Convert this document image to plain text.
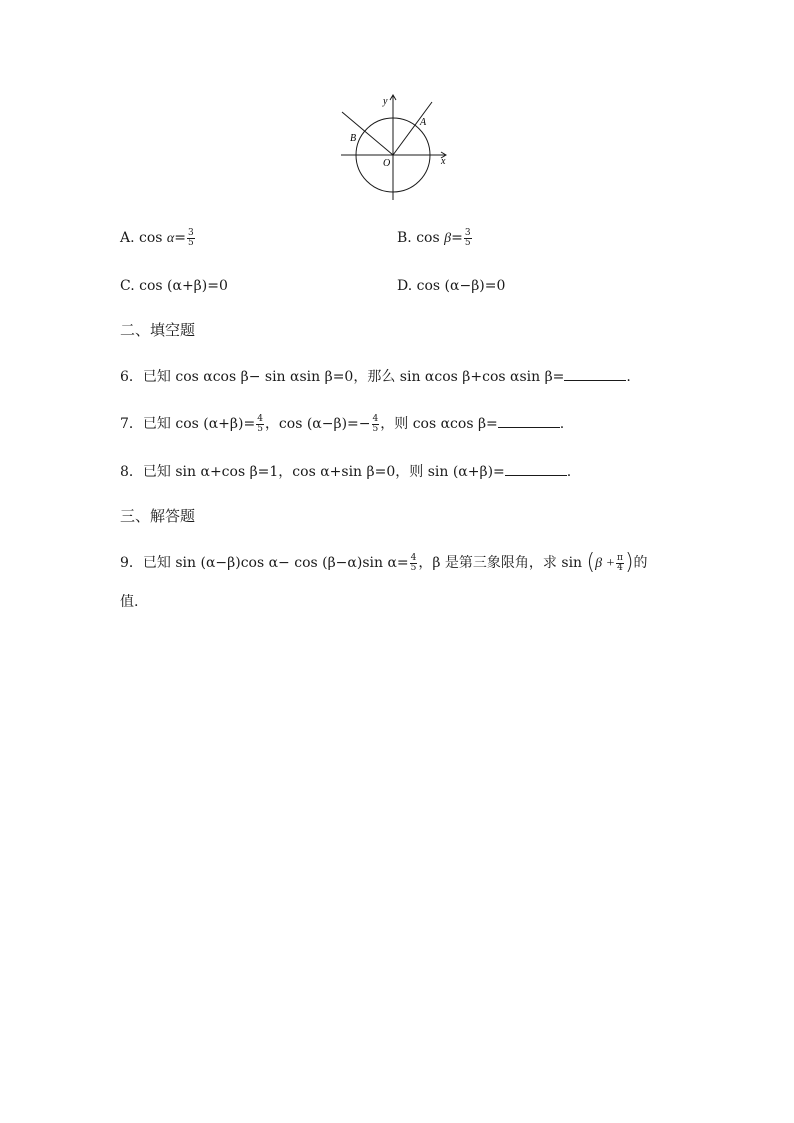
y
x
O
A
B
A. $\cos \alpha= \frac{3}{5}$	B. $\cos \beta= \frac{3}{5}$
C. cos (α+β)=0	D. cos (α−β)=0
二、填空题
6．已知 cos αcos β− sin αsin β=0，那么 sin αcos β+cos αsin β=	.
7．已知 $\cos (\alpha+\beta)= \frac{4}{5}$ ，$\cos (\alpha-\beta)=- \frac{4}{5}$ ，则 cos αcos β=	.
8．已知 sin α+cos β=1，cos α+sin β=0，则 sin (α+β)=	.
三、解答题
9．已知 sin (α−β)cos α− cos (β−α)sin $\alpha= \frac{4}{5}$ ，β 是第三象限角，求 $\sin (\beta + \frac{\pi}{4}$ )的
值.
